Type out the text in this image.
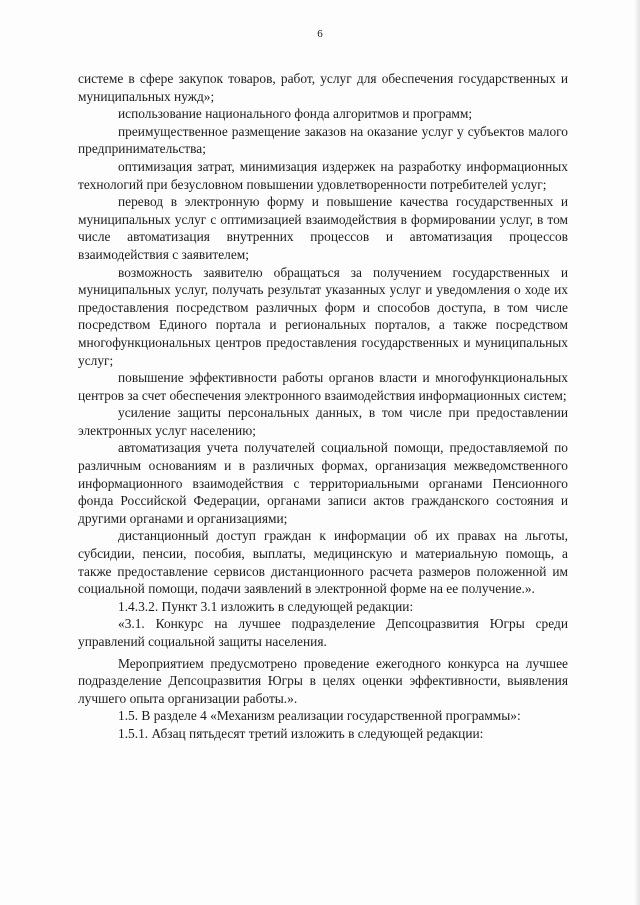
6

системе в сфере закупок товаров, работ, услуг для обеспечения государственных и муниципальных нужд»;

использование национального фонда алгоритмов и программ;

преимущественное размещение заказов на оказание услуг у субъектов малого предпринимательства;

оптимизация затрат, минимизация издержек на разработку информационных технологий при безусловном повышении удовлетворенности потребителей услуг;

перевод в электронную форму и повышение качества государственных и муниципальных услуг с оптимизацией взаимодействия в формировании услуг, в том числе автоматизация внутренних процессов и автоматизация процессов взаимодействия с заявителем;

возможность заявителю обращаться за получением государственных и муниципальных услуг, получать результат указанных услуг и уведомления о ходе их предоставления посредством различных форм и способов доступа, в том числе посредством Единого портала и региональных порталов, а также посредством многофункциональных центров предоставления государственных и муниципальных услуг;

повышение эффективности работы органов власти и многофункциональных центров за счет обеспечения электронного взаимодействия информационных систем;

усиление защиты персональных данных, в том числе при предоставлении электронных услуг населению;

автоматизация учета получателей социальной помощи, предоставляемой по различным основаниям и в различных формах, организация межведомственного информационного взаимодействия с территориальными органами Пенсионного фонда Российской Федерации, органами записи актов гражданского состояния и другими органами и организациями;

дистанционный доступ граждан к информации об их правах на льготы, субсидии, пенсии, пособия, выплаты, медицинскую и материальную помощь, а также предоставление сервисов дистанционного расчета размеров положенной им социальной помощи, подачи заявлений в электронной форме на ее получение.».

1.4.3.2. Пункт 3.1 изложить в следующей редакции:

«3.1. Конкурс на лучшее подразделение Депсоцразвития Югры среди управлений социальной защиты населения.

Мероприятием предусмотрено проведение ежегодного конкурса на лучшее подразделение Депсоцразвития Югры в целях оценки эффективности, выявления лучшего опыта организации работы.».

1.5. В разделе 4 «Механизм реализации государственной программы»:

1.5.1. Абзац пятьдесят третий изложить в следующей редакции:
